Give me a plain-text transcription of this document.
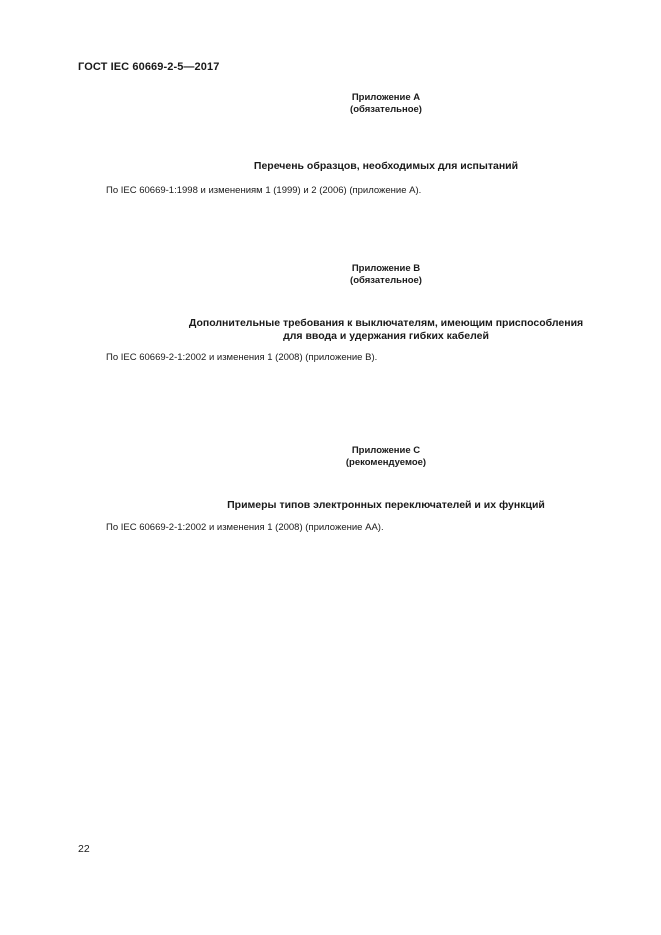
ГОСТ IEC 60669-2-5—2017
Приложение А
(обязательное)
Перечень образцов, необходимых для испытаний
По IEC 60669-1:1998 и изменениям 1 (1999) и 2 (2006) (приложение А).
Приложение В
(обязательное)
Дополнительные требования к выключателям, имеющим приспособления
для ввода и удержания гибких кабелей
По IEC 60669-2-1:2002 и изменения 1 (2008) (приложение В).
Приложение С
(рекомендуемое)
Примеры типов электронных переключателей и их функций
По IEC 60669-2-1:2002 и изменения 1 (2008) (приложение АА).
22
